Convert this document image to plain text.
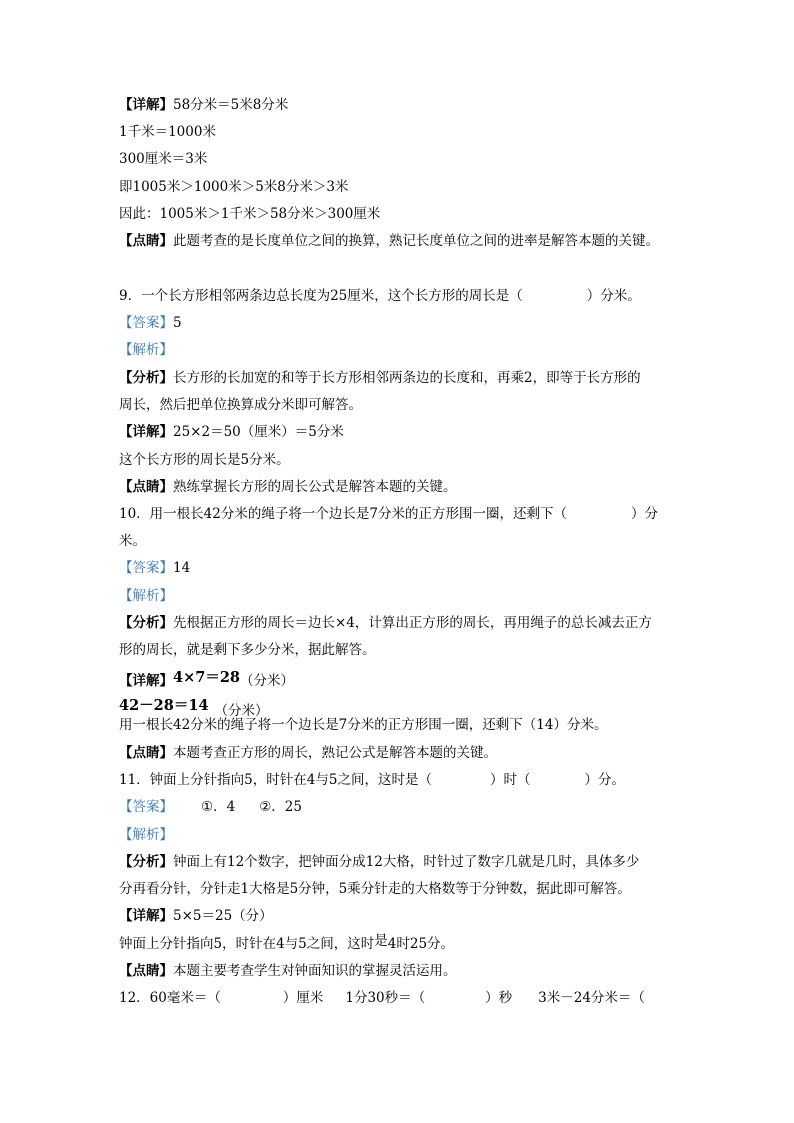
【详解】58分米＝5米8分米
1千米＝1000米
300厘米＝3米
即1005米＞1000米＞5米8分米＞3米
因此：1005米＞1千米＞58分米＞300厘米
【点睛】此题考查的是长度单位之间的换算，熟记长度单位之间的进率是解答本题的关键。
9．一个长方形相邻两条边总长度为25厘米，这个长方形的周长是（	）分米。
【答案】5
【解析】
【分析】长方形的长加宽的和等于长方形相邻两条边的长度和，再乘2，即等于长方形的
周长，然后把单位换算成分米即可解答。
【详解】25×2＝50（厘米）＝5分米
这个长方形的周长是5分米。
【点睛】熟练掌握长方形的周长公式是解答本题的关键。
10．用一根长42分米的绳子将一个边长是7分米的正方形围一圈，还剩下（	）分
米。
【答案】14
【解析】
【分析】先根据正方形的周长＝边长×4，计算出正方形的周长，再用绳子的总长减去正方
形的周长，就是剩下多少分米，据此解答。
【详解】4×7＝28（分米）
42－28＝14 （分米）
用一根长42分米的绳子将一个边长是7分米的正方形围一圈，还剩下（14）分米。
【点睛】本题考查正方形的周长，熟记公式是解答本题的关键。
11．钟面上分针指向5，时针在4与5之间，这时是（	）时（	）分。
【答案】 ①．4 ②．25
【解析】
【分析】钟面上有12个数字，把钟面分成12大格，时针过了数字几就是几时，具体多少
分再看分针，分针走1大格是5分钟，5乘分针走的大格数等于分钟数，据此即可解答。
【详解】5×5＝25（分）
钟面上分针指向5，时针在4与5之间，这时是4时25分。
【点睛】本题主要考查学生对钟面知识的掌握灵活运用。
12．60毫米＝（	）厘米 1分30秒＝（	）秒 3米－24分米＝（
